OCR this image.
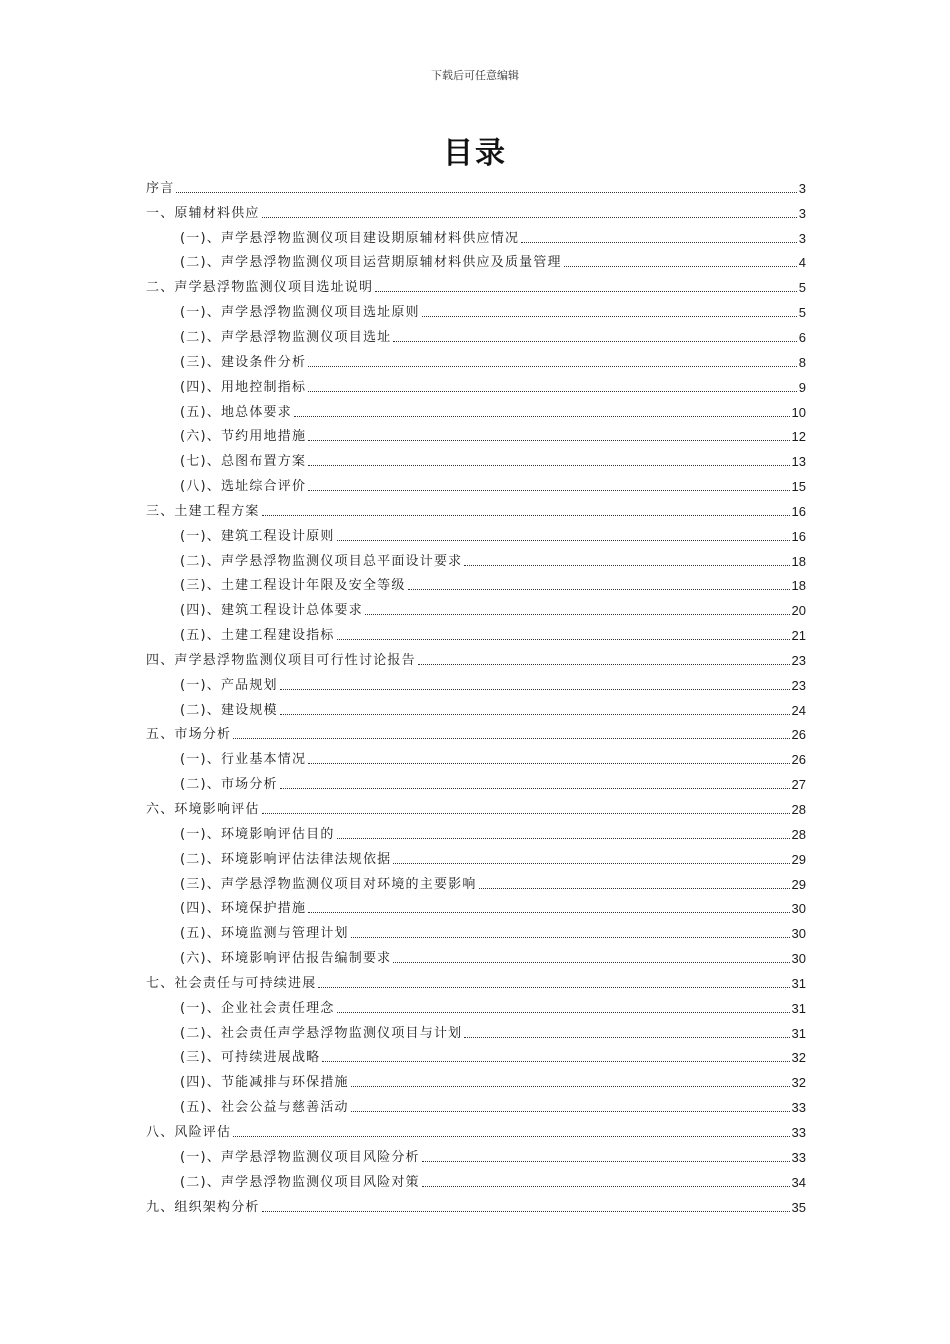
下载后可任意编辑
目录
序言	3
一、原辅材料供应	3
(一)、声学悬浮物监测仪项目建设期原辅材料供应情况	3
(二)、声学悬浮物监测仪项目运营期原辅材料供应及质量管理	4
二、声学悬浮物监测仪项目选址说明	5
(一)、声学悬浮物监测仪项目选址原则	5
(二)、声学悬浮物监测仪项目选址	6
(三)、建设条件分析	8
(四)、用地控制指标	9
(五)、地总体要求	10
(六)、节约用地措施	12
(七)、总图布置方案	13
(八)、选址综合评价	15
三、土建工程方案	16
(一)、建筑工程设计原则	16
(二)、声学悬浮物监测仪项目总平面设计要求	18
(三)、土建工程设计年限及安全等级	18
(四)、建筑工程设计总体要求	20
(五)、土建工程建设指标	21
四、声学悬浮物监测仪项目可行性讨论报告	23
(一)、产品规划	23
(二)、建设规模	24
五、市场分析	26
(一)、行业基本情况	26
(二)、市场分析	27
六、环境影响评估	28
(一)、环境影响评估目的	28
(二)、环境影响评估法律法规依据	29
(三)、声学悬浮物监测仪项目对环境的主要影响	29
(四)、环境保护措施	30
(五)、环境监测与管理计划	30
(六)、环境影响评估报告编制要求	30
七、社会责任与可持续进展	31
(一)、企业社会责任理念	31
(二)、社会责任声学悬浮物监测仪项目与计划	31
(三)、可持续进展战略	32
(四)、节能减排与环保措施	32
(五)、社会公益与慈善活动	33
八、风险评估	33
(一)、声学悬浮物监测仪项目风险分析	33
(二)、声学悬浮物监测仪项目风险对策	34
九、组织架构分析	35
